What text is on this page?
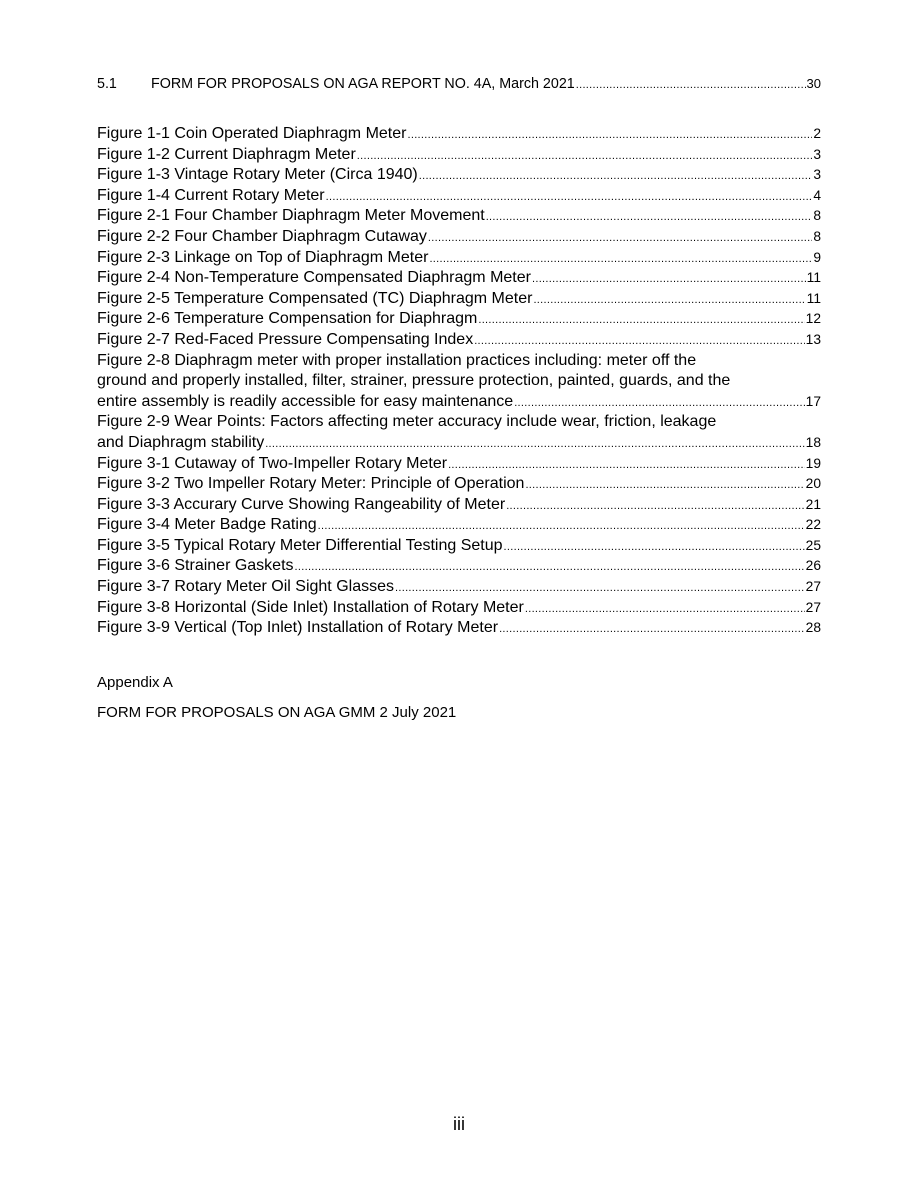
5.1	FORM FOR PROPOSALS ON AGA REPORT NO. 4A, March 2021 .....	30
Figure 1-1 Coin Operated Diaphragm Meter .....	2
Figure 1-2 Current Diaphragm Meter .....	3
Figure 1-3 Vintage Rotary Meter (Circa 1940) .....	3
Figure 1-4 Current Rotary Meter .....	4
Figure 2-1 Four Chamber Diaphragm Meter Movement .....	8
Figure 2-2 Four Chamber Diaphragm Cutaway .....	8
Figure 2-3 Linkage on Top of Diaphragm Meter .....	9
Figure 2-4 Non-Temperature Compensated Diaphragm Meter .....	11
Figure 2-5 Temperature Compensated (TC) Diaphragm Meter .....	11
Figure 2-6 Temperature Compensation for Diaphragm .....	12
Figure 2-7 Red-Faced Pressure Compensating Index .....	13
Figure 2-8 Diaphragm meter with proper installation practices including: meter off the
ground and properly installed, filter, strainer, pressure protection, painted, guards, and the
entire assembly is readily accessible for easy maintenance .....	17
Figure 2-9 Wear Points: Factors affecting meter accuracy include wear, friction, leakage
and Diaphragm stability .....	18
Figure 3-1 Cutaway of Two-Impeller Rotary Meter .....	19
Figure 3-2 Two Impeller Rotary Meter: Principle of Operation .....	20
Figure 3-3 Accurary Curve Showing Rangeability of Meter .....	21
Figure 3-4 Meter Badge Rating .....	22
Figure 3-5 Typical Rotary Meter Differential Testing Setup .....	25
Figure 3-6 Strainer Gaskets .....	26
Figure 3-7 Rotary Meter Oil Sight Glasses .....	27
Figure 3-8 Horizontal (Side Inlet) Installation of Rotary Meter .....	27
Figure 3-9 Vertical (Top Inlet) Installation of Rotary Meter .....	28
Appendix A
FORM FOR PROPOSALS ON AGA GMM 2 July 2021
iii
